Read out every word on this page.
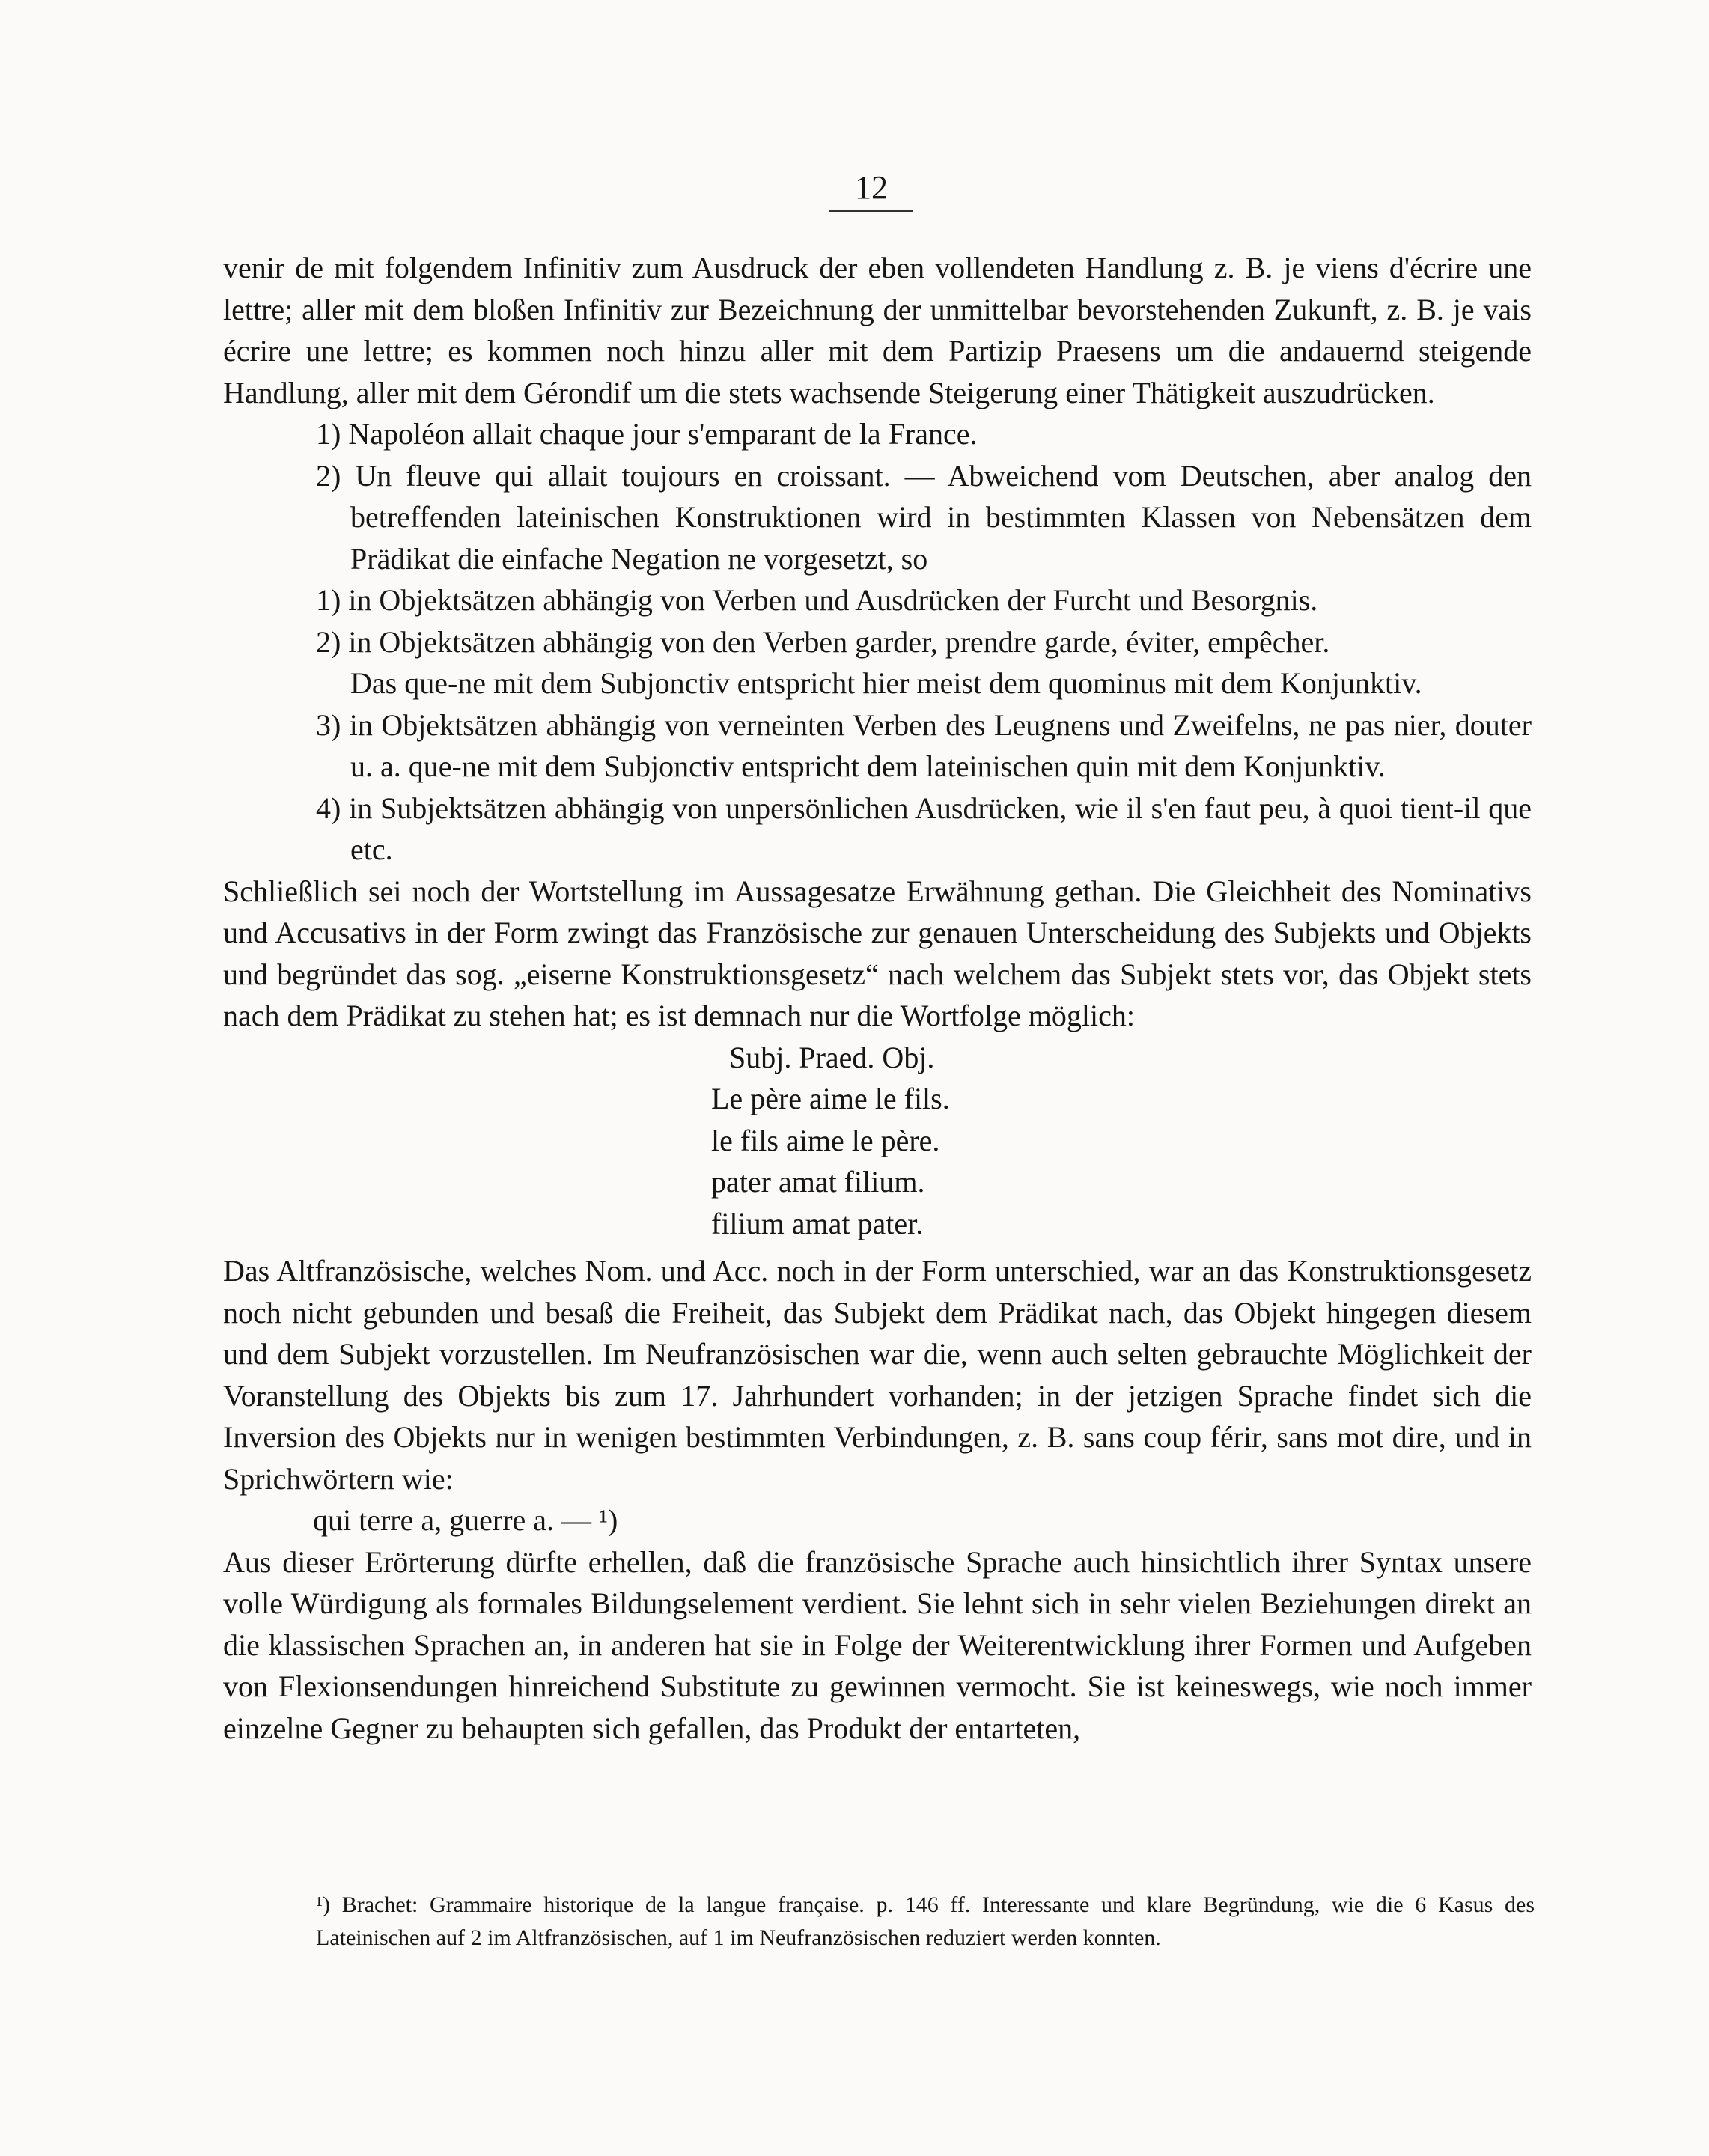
12

venir de mit folgendem Infinitiv zum Ausdruck der eben vollendeten Handlung z. B. je viens d'écrire une lettre; aller mit dem bloßen Infinitiv zur Bezeichnung der unmittelbar bevorstehenden Zukunft, z. B. je vais écrire une lettre; es kommen noch hinzu aller mit dem Partizip Praesens um die andauernd steigende Handlung, aller mit dem Gérondif um die stets wachsende Steigerung einer Thätigkeit auszudrücken.

1) Napoléon allait chaque jour s'emparant de la France.

2) Un fleuve qui allait toujours en croissant. — Abweichend vom Deutschen, aber analog den betreffenden lateinischen Konstruktionen wird in bestimmten Klassen von Nebensätzen dem Prädikat die einfache Negation ne vorgesetzt, so

1) in Objektsätzen abhängig von Verben und Ausdrücken der Furcht und Besorgnis.

2) in Objektsätzen abhängig von den Verben garder, prendre garde, éviter, empêcher.

Das que-ne mit dem Subjonctiv entspricht hier meist dem quominus mit dem Konjunktiv.

3) in Objektsätzen abhängig von verneinten Verben des Leugnens und Zweifelns, ne pas nier, douter u. a. que-ne mit dem Subjonctiv entspricht dem lateinischen quin mit dem Konjunktiv.

4) in Subjektsätzen abhängig von unpersönlichen Ausdrücken, wie il s'en faut peu, à quoi tient-il que etc.

Schließlich sei noch der Wortstellung im Aussagesatze Erwähnung gethan. Die Gleichheit des Nominativs und Accusativs in der Form zwingt das Französische zur genauen Unterscheidung des Subjekts und Objekts und begründet das sog. „eiserne Konstruktionsgesetz“ nach welchem das Subjekt stets vor, das Objekt stets nach dem Prädikat zu stehen hat; es ist demnach nur die Wortfolge möglich:

Subj. Praed. Obj.
Le père aime le fils.
le fils aime le père.
pater amat filium.
filium amat pater.

Das Altfranzösische, welches Nom. und Acc. noch in der Form unterschied, war an das Konstruktionsgesetz noch nicht gebunden und besaß die Freiheit, das Subjekt dem Prädikat nach, das Objekt hingegen diesem und dem Subjekt vorzustellen. Im Neufranzösischen war die, wenn auch selten gebrauchte Möglichkeit der Voranstellung des Objekts bis zum 17. Jahrhundert vorhanden; in der jetzigen Sprache findet sich die Inversion des Objekts nur in wenigen bestimmten Verbindungen, z. B. sans coup férir, sans mot dire, und in Sprichwörtern wie:

qui terre a, guerre a. — ¹)

Aus dieser Erörterung dürfte erhellen, daß die französische Sprache auch hinsichtlich ihrer Syntax unsere volle Würdigung als formales Bildungselement verdient. Sie lehnt sich in sehr vielen Beziehungen direkt an die klassischen Sprachen an, in anderen hat sie in Folge der Weiterentwicklung ihrer Formen und Aufgeben von Flexionsendungen hinreichend Substitute zu gewinnen vermocht. Sie ist keineswegs, wie noch immer einzelne Gegner zu behaupten sich gefallen, das Produkt der entarteten,

¹) Brachet: Grammaire historique de la langue française. p. 146 ff. Interessante und klare Begründung, wie die 6 Kasus des Lateinischen auf 2 im Altfranzösischen, auf 1 im Neufranzösischen reduziert werden konnten.
